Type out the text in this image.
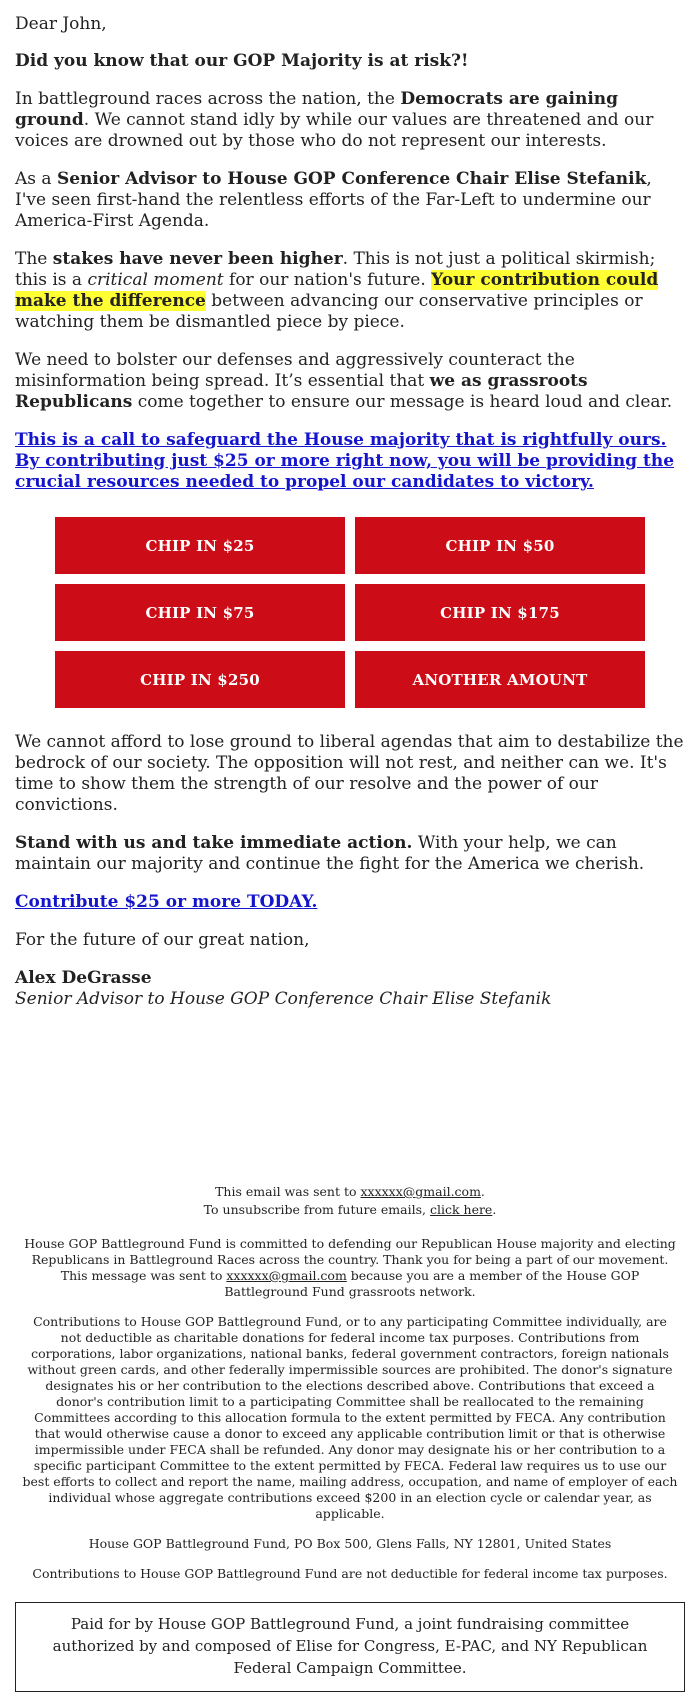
Dear John,

Did you know that our GOP Majority is at risk?!

In battleground races across the nation, the Democrats are gaining ground. We cannot stand idly by while our values are threatened and our voices are drowned out by those who do not represent our interests.

As a Senior Advisor to House GOP Conference Chair Elise Stefanik, I've seen first-hand the relentless efforts of the Far-Left to undermine our America-First Agenda.

The stakes have never been higher. This is not just a political skirmish; this is a critical moment for our nation's future. Your contribution could make the difference between advancing our conservative principles or watching them be dismantled piece by piece.

We need to bolster our defenses and aggressively counteract the misinformation being spread. It’s essential that we as grassroots Republicans come together to ensure our message is heard loud and clear.

This is a call to safeguard the House majority that is rightfully ours. By contributing just $25 or more right now, you will be providing the crucial resources needed to propel our candidates to victory.

CHIP IN $25	CHIP IN $50
CHIP IN $75	CHIP IN $175
CHIP IN $250	ANOTHER AMOUNT

We cannot afford to lose ground to liberal agendas that aim to destabilize the bedrock of our society. The opposition will not rest, and neither can we. It's time to show them the strength of our resolve and the power of our convictions.

Stand with us and take immediate action. With your help, we can maintain our majority and continue the fight for the America we cherish.

Contribute $25 or more TODAY.

For the future of our great nation,

Alex DeGrasse
Senior Advisor to House GOP Conference Chair Elise Stefanik

This email was sent to xxxxxx@gmail.com.

To unsubscribe from future emails, click here.

House GOP Battleground Fund is committed to defending our Republican House majority and electing Republicans in Battleground Races across the country. Thank you for being a part of our movement. This message was sent to xxxxxx@gmail.com because you are a member of the House GOP Battleground Fund grassroots network.

Contributions to House GOP Battleground Fund, or to any participating Committee individually, are not deductible as charitable donations for federal income tax purposes. Contributions from corporations, labor organizations, national banks, federal government contractors, foreign nationals without green cards, and other federally impermissible sources are prohibited. The donor's signature designates his or her contribution to the elections described above. Contributions that exceed a donor's contribution limit to a participating Committee shall be reallocated to the remaining Committees according to this allocation formula to the extent permitted by FECA. Any contribution that would otherwise cause a donor to exceed any applicable contribution limit or that is otherwise impermissible under FECA shall be refunded. Any donor may designate his or her contribution to a specific participant Committee to the extent permitted by FECA. Federal law requires us to use our best efforts to collect and report the name, mailing address, occupation, and name of employer of each individual whose aggregate contributions exceed $200 in an election cycle or calendar year, as applicable.

House GOP Battleground Fund, PO Box 500, Glens Falls, NY 12801, United States

Contributions to House GOP Battleground Fund are not deductible for federal income tax purposes.

Paid for by House GOP Battleground Fund, a joint fundraising committee authorized by and composed of Elise for Congress, E-PAC, and NY Republican Federal Campaign Committee.
